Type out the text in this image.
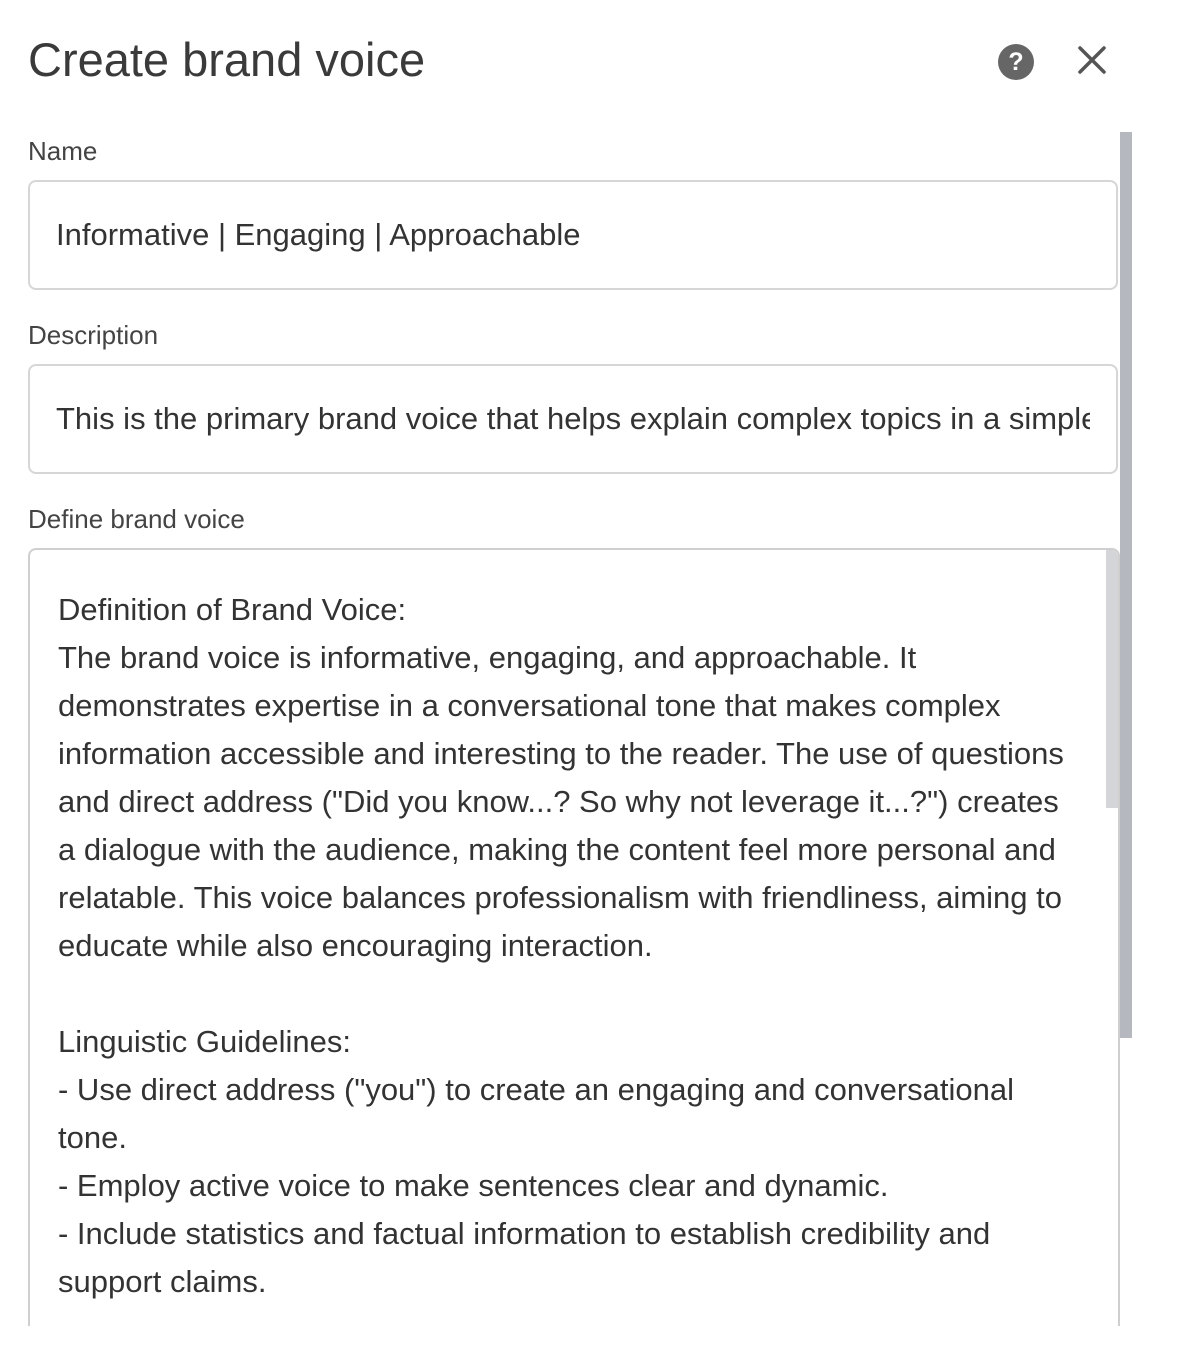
Create brand voice	?
Name
Informative | Engaging | Approachable
Description
This is the primary brand voice that helps explain complex topics in a simple way
Define brand voice
Definition of Brand Voice:
The brand voice is informative, engaging, and approachable. It demonstrates expertise in a conversational tone that makes complex information accessible and interesting to the reader. The use of questions and direct address ("Did you know...? So why not leverage it...?") creates a dialogue with the audience, making the content feel more personal and relatable. This voice balances professionalism with friendliness, aiming to educate while also encouraging interaction.

Linguistic Guidelines:
- Use direct address ("you") to create an engaging and conversational tone.
- Employ active voice to make sentences clear and dynamic.
- Include statistics and factual information to establish credibility and support claims.
